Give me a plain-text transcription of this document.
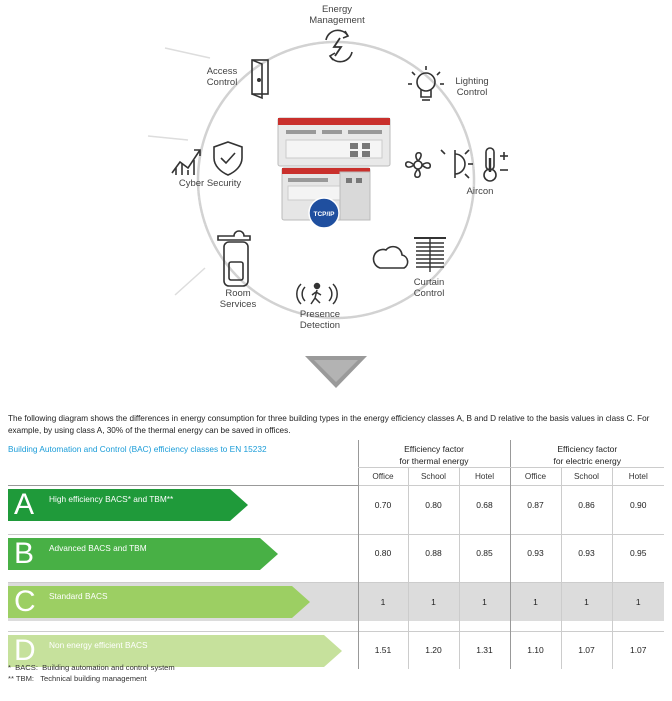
TCP/IP
Energy
Management
Lighting
Control
Aircon
Curtain
Control
Presence
Detection
Room
Services
Cyber Security
Access
Control
The following diagram shows the differences in energy consumption for three building types in the energy efficiency classes A, B and D relative to the basis values in class C. For example, by using class A, 30% of the thermal energy can be saved in offices.
Building Automation and Control (BAC) efficiency classes to EN 15232	Efficiency factor
for thermal energy			Efficiency factor
for electric energy		
	Office	School	Hotel	Office	School	Hotel

A High efficiency BACS* and TBM**	0.70	0.80	0.68	0.87	0.86	0.90

B Advanced BACS and TBM	0.80	0.88	0.85	0.93	0.93	0.95

C Standard BACS	1	1	1	1	1	1

D Non energy efficient BACS	1.51	1.20	1.31	1.10	1.07	1.07
*  BACS:  Building automation and control system
** TBM:   Technical building management
